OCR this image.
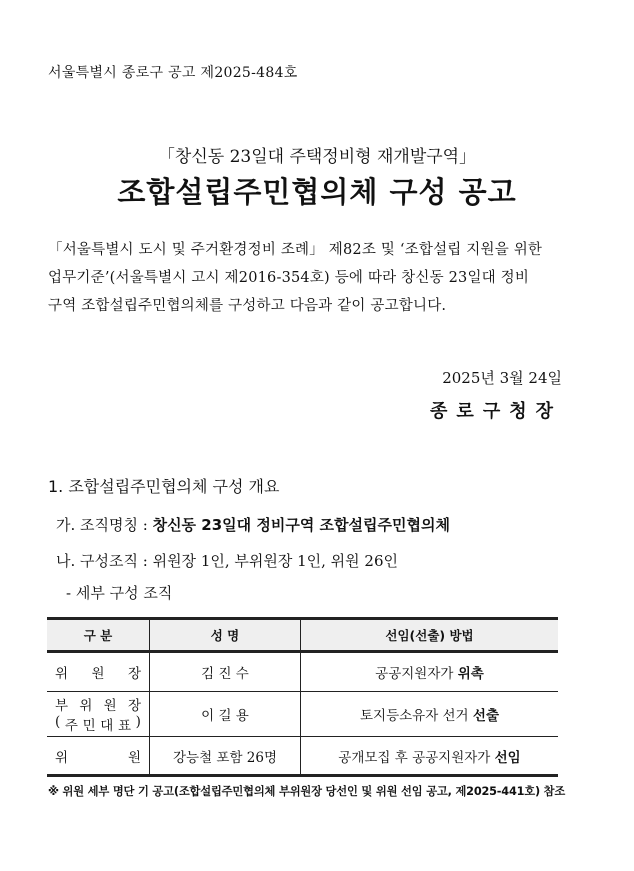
서울특별시 종로구 공고 제2025-484호
「창신동 23일대 주택정비형 재개발구역」
조합설립주민협의체 구성 공고

「서울특별시 도시 및 주거환경정비 조례」 제82조 및 ‘조합설립 지원을 위한

업무기준’(서울특별시 고시 제2016-354호) 등에 따라 창신동 23일대 정비

구역 조합설립주민협의체를 구성하고 다음과 같이 공고합니다.

2025년 3월 24일
종로구청장
1. 조합설립주민협의체 구성 개요
가. 조직명칭 : 창신동 23일대 정비구역 조합설립주민협의체
나. 구성조직 : 위원장 1인, 부위원장 1인, 위원 26인
- 세부 구성 조직
구 분	성 명	선임(선출) 방법

위 원 장	김 진 수	공공지원자가 위촉

부 위 원 장
( 주 민 대 표 )	이 길 용	토지등소유자 선거 선출

위 원	강능철 포함 26명	공개모집 후 공공지원자가 선임
※ 위원 세부 명단 기 공고(조합설립주민협의체 부위원장 당선인 및 위원 선임 공고, 제2025-441호) 참조
